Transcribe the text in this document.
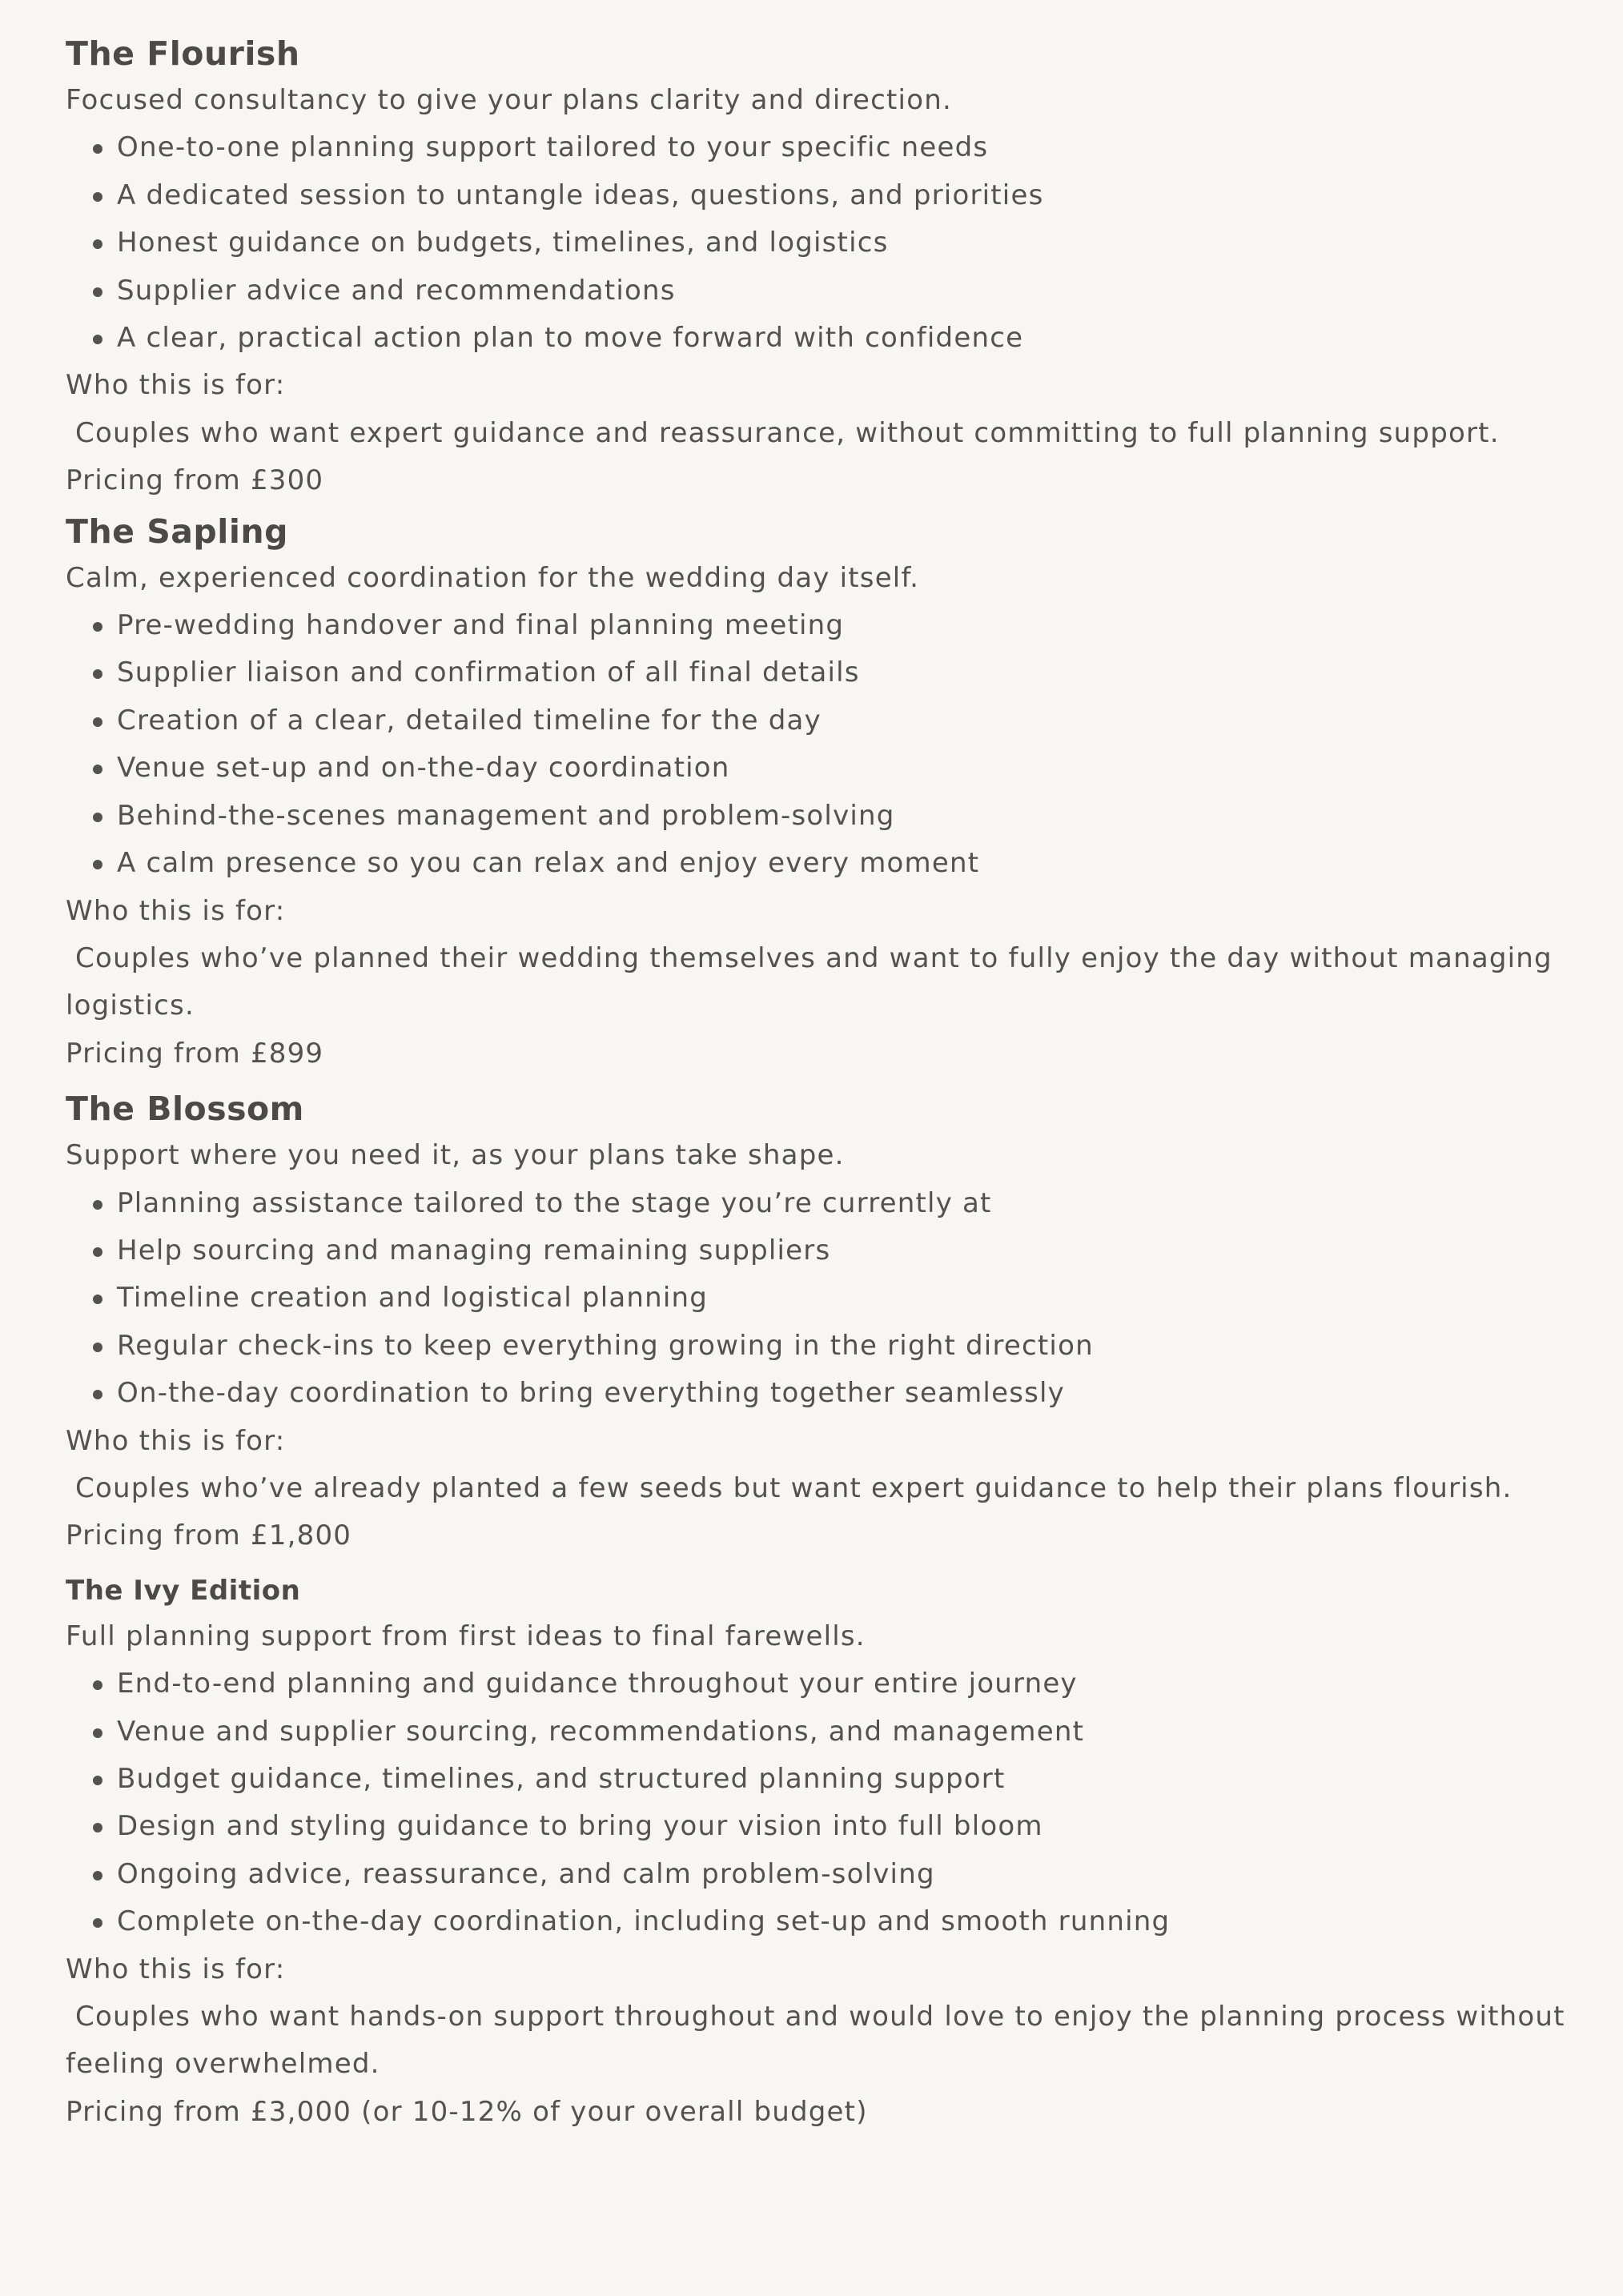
The Flourish

Focused consultancy to give your plans clarity and direction.

One-to-one planning support tailored to your specific needs
A dedicated session to untangle ideas, questions, and priorities
Honest guidance on budgets, timelines, and logistics
Supplier advice and recommendations
A clear, practical action plan to move forward with confidence

Who this is for:

Couples who want expert guidance and reassurance, without committing to full planning support.

Pricing from £300

The Sapling

Calm, experienced coordination for the wedding day itself.

Pre-wedding handover and final planning meeting
Supplier liaison and confirmation of all final details
Creation of a clear, detailed timeline for the day
Venue set-up and on-the-day coordination
Behind-the-scenes management and problem-solving
A calm presence so you can relax and enjoy every moment

Who this is for:

Couples who’ve planned their wedding themselves and want to fully enjoy the day without managing

logistics.

Pricing from £899

The Blossom

Support where you need it, as your plans take shape.

Planning assistance tailored to the stage you’re currently at
Help sourcing and managing remaining suppliers
Timeline creation and logistical planning
Regular check-ins to keep everything growing in the right direction
On-the-day coordination to bring everything together seamlessly

Who this is for:

Couples who’ve already planted a few seeds but want expert guidance to help their plans flourish.

Pricing from £1,800

The Ivy Edition

Full planning support from first ideas to final farewells.

End-to-end planning and guidance throughout your entire journey
Venue and supplier sourcing, recommendations, and management
Budget guidance, timelines, and structured planning support
Design and styling guidance to bring your vision into full bloom
Ongoing advice, reassurance, and calm problem-solving
Complete on-the-day coordination, including set-up and smooth running

Who this is for:

Couples who want hands-on support throughout and would love to enjoy the planning process without

feeling overwhelmed.

Pricing from £3,000 (or 10-12% of your overall budget)
